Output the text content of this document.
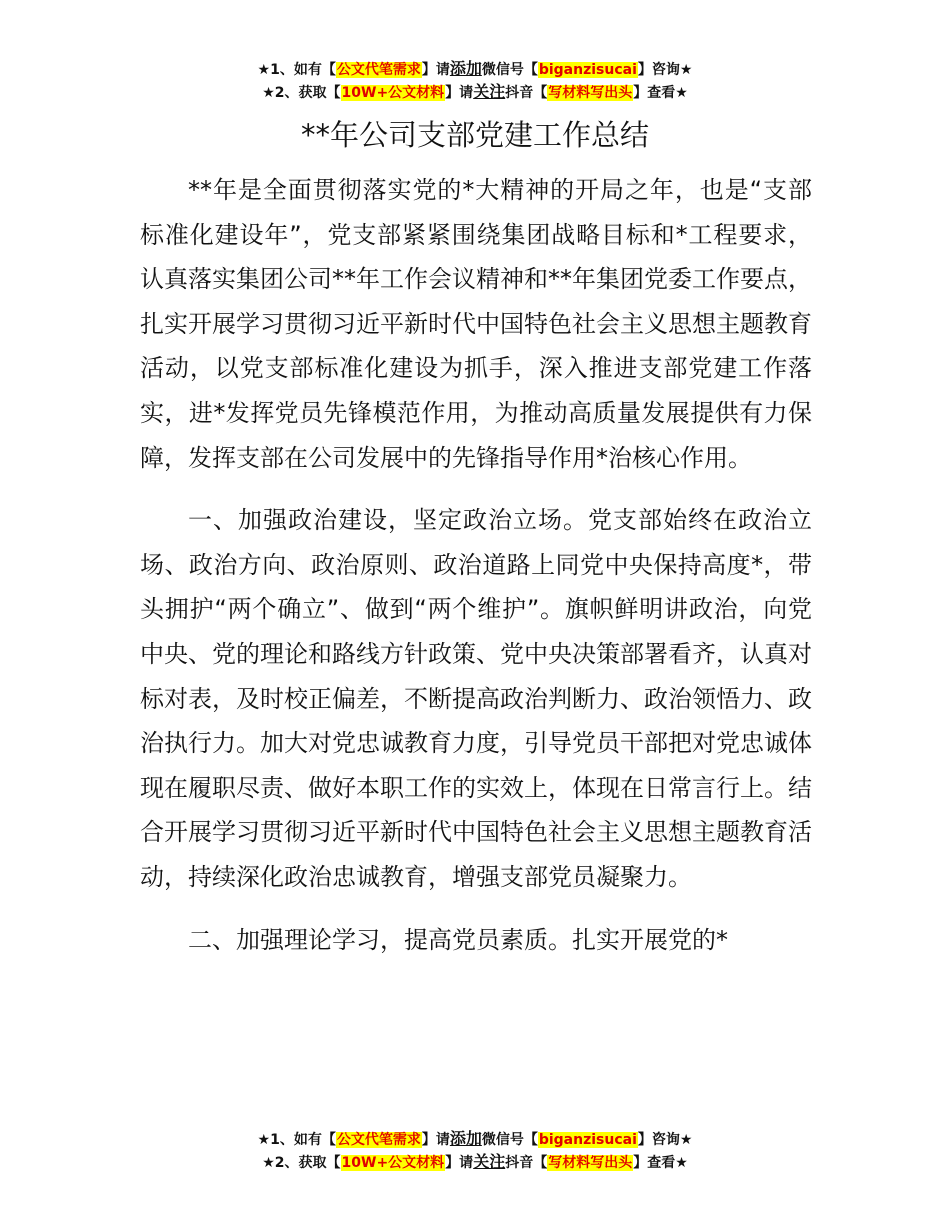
★1、如有【公文代笔需求】请添加微信号【biganzisucai】咨询★
★2、获取【10W+公文材料】请关注抖音【写材料写出头】查看★
**年公司支部党建工作总结

**年是全面贯彻落实党的*大精神的开局之年，也是“支部标准化建设年”，党支部紧紧围绕集团战略目标和*工程要求，认真落实集团公司**年工作会议精神和**年集团党委工作要点，扎实开展学习贯彻习近平新时代中国特色社会主义思想主题教育活动，以党支部标准化建设为抓手，深入推进支部党建工作落实，进*发挥党员先锋模范作用，为推动高质量发展提供有力保障，发挥支部在公司发展中的先锋指导作用*治核心作用。

一、加强政治建设，坚定政治立场。党支部始终在政治立场、政治方向、政治原则、政治道路上同党中央保持高度*，带头拥护“两个确立”、做到“两个维护”。旗帜鲜明讲政治，向党中央、党的理论和路线方针政策、党中央决策部署看齐，认真对标对表，及时校正偏差，不断提高政治判断力、政治领悟力、政治执行力。加大对党忠诚教育力度，引导党员干部把对党忠诚体现在履职尽责、做好本职工作的实效上，体现在日常言行上。结合开展学习贯彻习近平新时代中国特色社会主义思想主题教育活动，持续深化政治忠诚教育，增强支部党员凝聚力。

二、加强理论学习，提高党员素质。扎实开展党的*

★1、如有【公文代笔需求】请添加微信号【biganzisucai】咨询★
★2、获取【10W+公文材料】请关注抖音【写材料写出头】查看★
